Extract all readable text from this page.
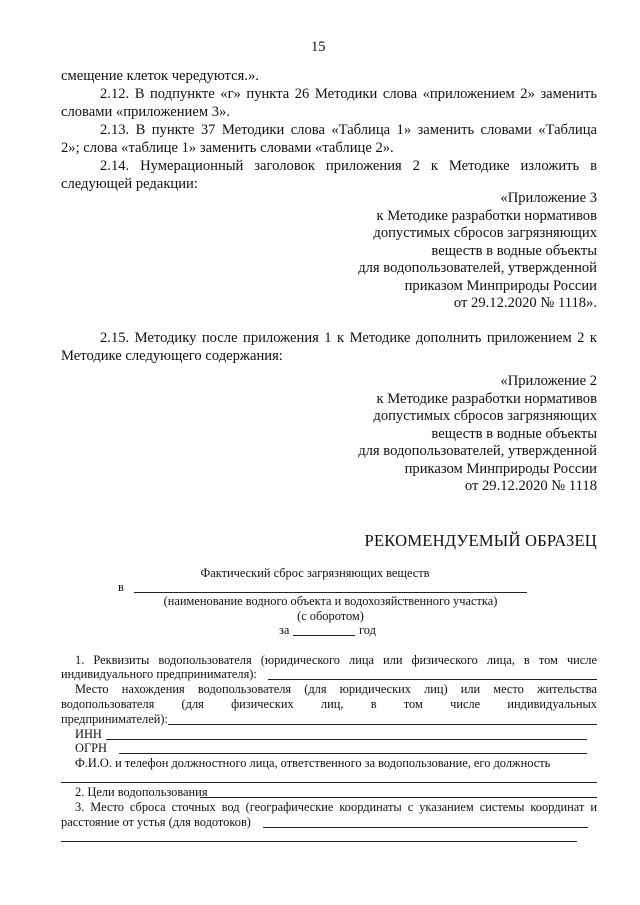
15
смещение клеток чередуются.».
2.12. В подпункте «г» пункта 26 Методики слова «приложением 2» заменить
словами «приложением 3».
2.13. В пункте 37 Методики слова «Таблица 1» заменить словами «Таблица
2»; слова «таблице 1» заменить словами «таблице 2».
2.14. Нумерационный заголовок приложения 2 к Методике изложить в
следующей редакции:
«Приложение 3
к Методике разработки нормативов
допустимых сбросов загрязняющих
веществ в водные объекты
для водопользователей, утвержденной
приказом Минприроды России
от 29.12.2020 № 1118».
2.15. Методику после приложения 1 к Методике дополнить приложением 2 к
Методике следующего содержания:
«Приложение 2
к Методике разработки нормативов
допустимых сбросов загрязняющих
веществ в водные объекты
для водопользователей, утвержденной
приказом Минприроды России
от 29.12.2020 № 1118
РЕКОМЕНДУЕМЫЙ ОБРАЗЕЦ
Фактический сброс загрязняющих веществ
в
(наименование водного объекта и водохозяйственного участка)
(с оборотом)
за	год
1. Реквизиты водопользователя (юридического лица или физического лица, в том числе
индивидуального предпринимателя):
Место нахождения водопользователя (для юридических лиц) или место жительства
водопользователя (для физических лиц, в том числе индивидуальных
предпринимателей):
ИНН
ОГРН
Ф.И.О. и телефон должностного лица, ответственного за водопользование, его должность
2. Цели водопользования
3. Место сброса сточных вод (географические координаты с указанием системы координат и
расстояние от устья (для водотоков)
